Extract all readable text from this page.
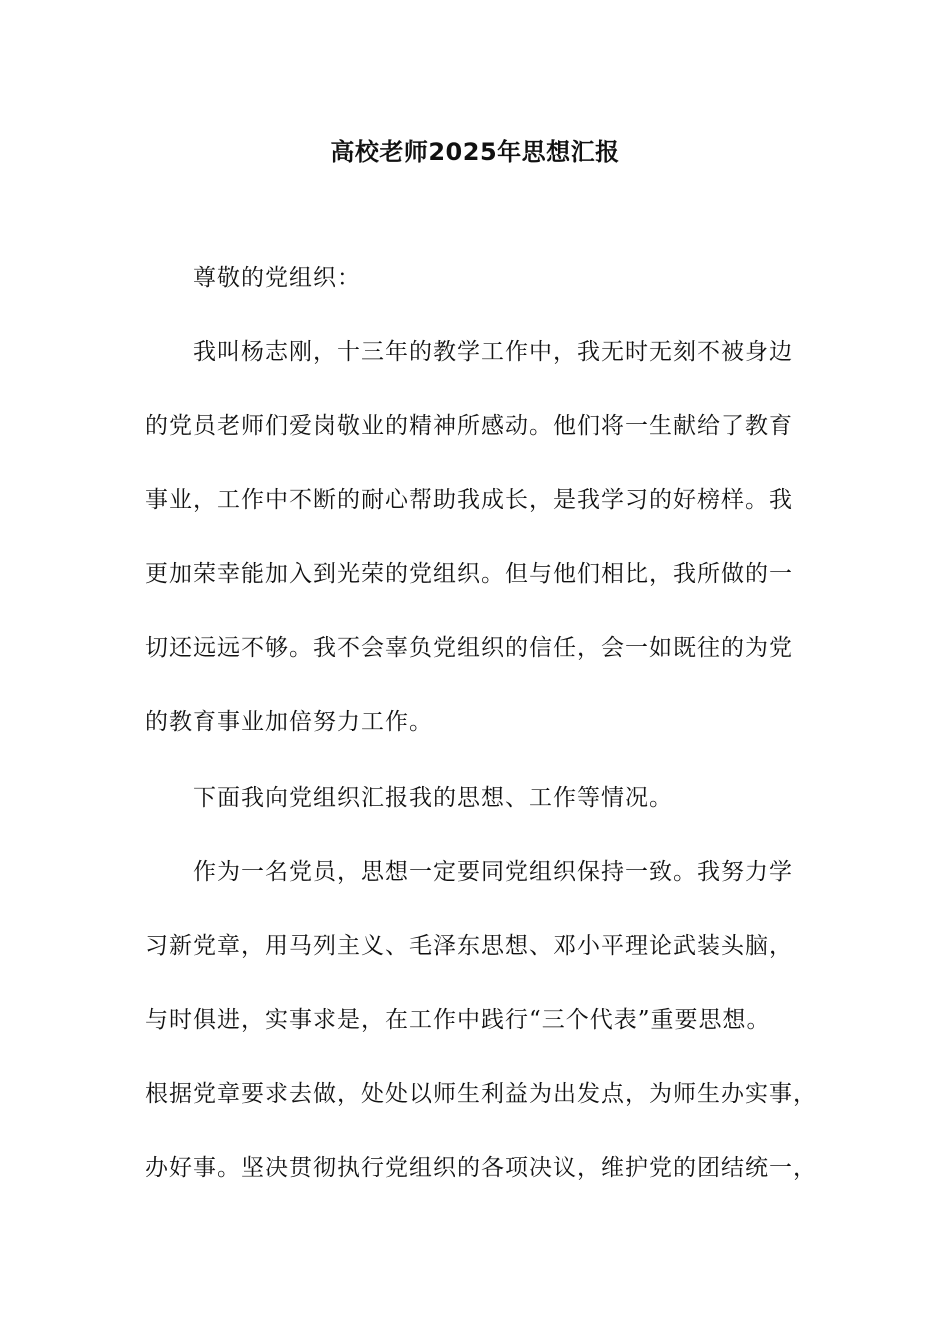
高校老师2025年思想汇报
尊敬的党组织：
我叫杨志刚，十三年的教学工作中，我无时无刻不被身边
的党员老师们爱岗敬业的精神所感动。他们将一生献给了教育
事业，工作中不断的耐心帮助我成长，是我学习的好榜样。我
更加荣幸能加入到光荣的党组织。但与他们相比，我所做的一
切还远远不够。我不会辜负党组织的信任，会一如既往的为党
的教育事业加倍努力工作。
下面我向党组织汇报我的思想、工作等情况。
作为一名党员，思想一定要同党组织保持一致。我努力学
习新党章，用马列主义、毛泽东思想、邓小平理论武装头脑，
与时俱进，实事求是，在工作中践行“三个代表”重要思想。
根据党章要求去做，处处以师生利益为出发点，为师生办实事，
办好事。坚决贯彻执行党组织的各项决议，维护党的团结统一，
